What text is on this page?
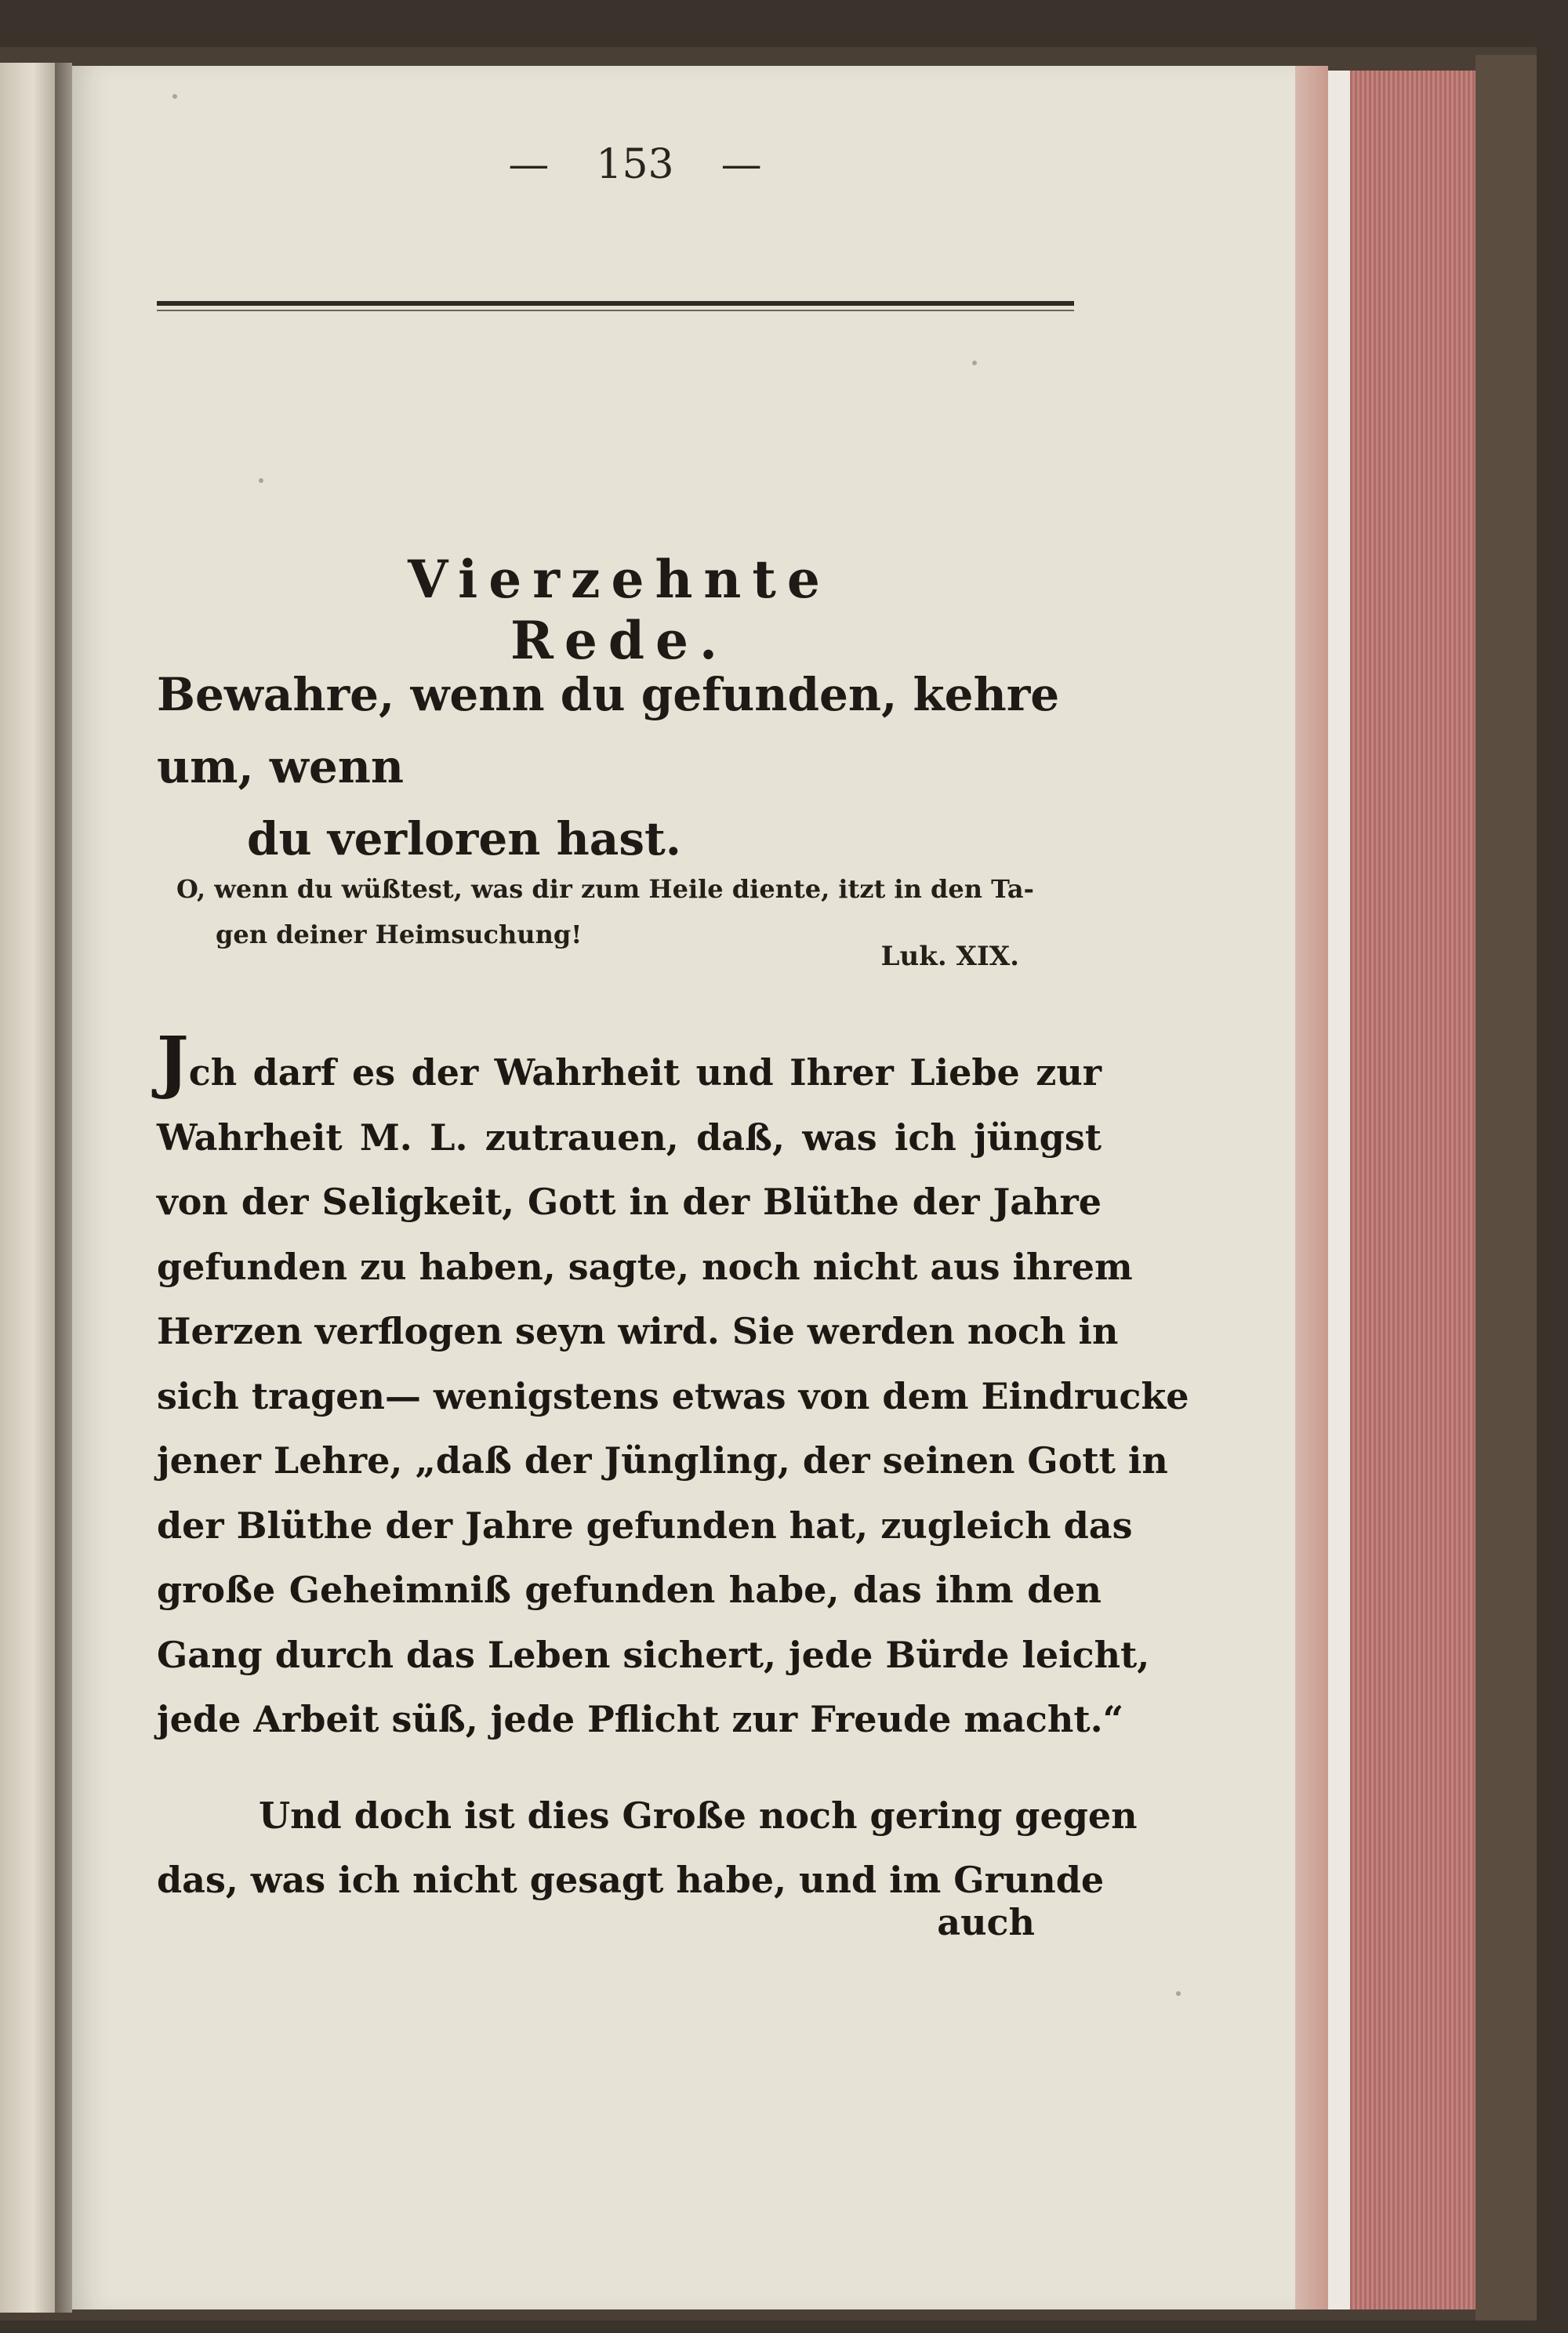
— 153 —
Vierzehnte Rede.
Bewahre, wenn du gefunden, kehre um, wenn
du verloren hast.
O, wenn du wüßtest, was dir zum Heile diente, itzt in den Ta-
gen deiner Heimsuchung!
Luk. XIX.
Jch darf es der Wahrheit und Ihrer Liebe zur
Wahrheit M. L. zutrauen, daß, was ich jüngst
von der Seligkeit, Gott in der Blüthe der Jahre
gefunden zu haben, sagte, noch nicht aus ihrem
Herzen verflogen seyn wird. Sie werden noch in
sich tragen— wenigstens etwas von dem Eindrucke
jener Lehre, „daß der Jüngling, der seinen Gott in
der Blüthe der Jahre gefunden hat, zugleich das
große Geheimniß gefunden habe, das ihm den
Gang durch das Leben sichert, jede Bürde leicht,
jede Arbeit süß, jede Pflicht zur Freude macht.“
Und doch ist dies Große noch gering gegen
das, was ich nicht gesagt habe, und im Grunde
auch
